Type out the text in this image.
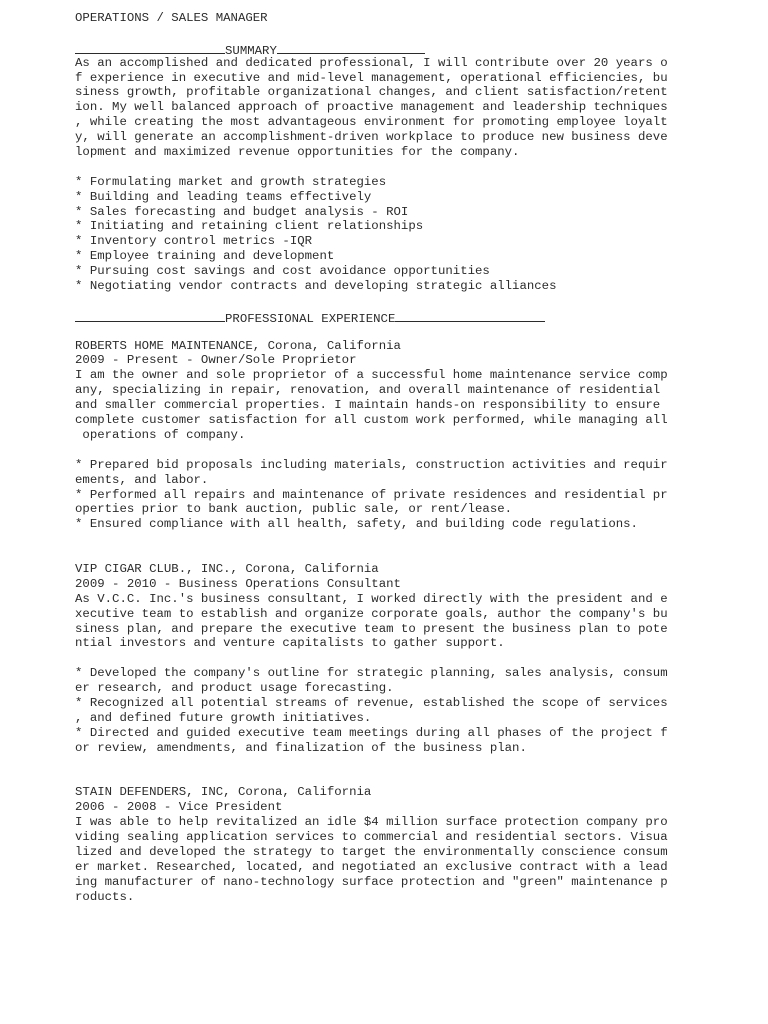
OPERATIONS / SALES MANAGER
SUMMARY
As an accomplished and dedicated professional, I will contribute over 20 years o
f experience in executive and mid-level management, operational efficiencies, bu
siness growth, profitable organizational changes, and client satisfaction/retent
ion. My well balanced approach of proactive management and leadership techniques
, while creating the most advantageous environment for promoting employee loyalt
y, will generate an accomplishment-driven workplace to produce new business deve
lopment and maximized revenue opportunities for the company.
* Formulating market and growth strategies
* Building and leading teams effectively
* Sales forecasting and budget analysis - ROI
* Initiating and retaining client relationships
* Inventory control metrics -IQR
* Employee training and development
* Pursuing cost savings and cost avoidance opportunities
* Negotiating vendor contracts and developing strategic alliances
PROFESSIONAL EXPERIENCE
ROBERTS HOME MAINTENANCE, Corona, California
2009 - Present - Owner/Sole Proprietor
I am the owner and sole proprietor of a successful home maintenance service comp
any, specializing in repair, renovation, and overall maintenance of residential
and smaller commercial properties. I maintain hands-on responsibility to ensure
complete customer satisfaction for all custom work performed, while managing all
operations of company.
* Prepared bid proposals including materials, construction activities and requir
ements, and labor.
* Performed all repairs and maintenance of private residences and residential pr
operties prior to bank auction, public sale, or rent/lease.
* Ensured compliance with all health, safety, and building code regulations.
VIP CIGAR CLUB., INC., Corona, California
2009 - 2010 - Business Operations Consultant
As V.C.C. Inc.'s business consultant, I worked directly with the president and e
xecutive team to establish and organize corporate goals, author the company's bu
siness plan, and prepare the executive team to present the business plan to pote
ntial investors and venture capitalists to gather support.
* Developed the company's outline for strategic planning, sales analysis, consum
er research, and product usage forecasting.
* Recognized all potential streams of revenue, established the scope of services
, and defined future growth initiatives.
* Directed and guided executive team meetings during all phases of the project f
or review, amendments, and finalization of the business plan.
STAIN DEFENDERS, INC, Corona, California
2006 - 2008 - Vice President
I was able to help revitalized an idle $4 million surface protection company pro
viding sealing application services to commercial and residential sectors. Visua
lized and developed the strategy to target the environmentally conscience consum
er market. Researched, located, and negotiated an exclusive contract with a lead
ing manufacturer of nano-technology surface protection and "green" maintenance p
roducts.
